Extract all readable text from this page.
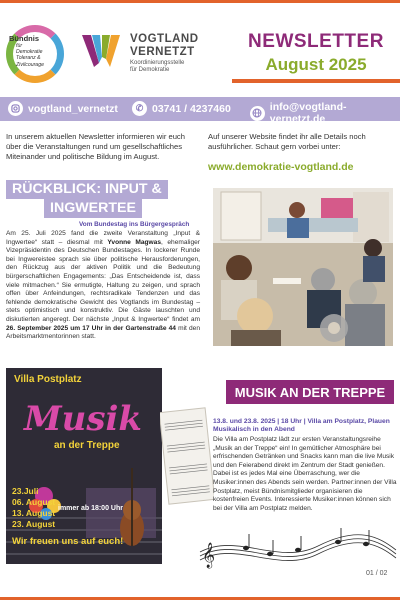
Bündnis
für
Demokratie
Toleranz &
Zivilcourage
VOGTLAND
VERNETZT
Koordinierungsstelle
für Demokratie
NEWSLETTER
August 2025
vogtland_vernetzt	✆ 03741 / 4237460	info@vogtland-vernetzt.de
In unserem aktuellen Newsletter informieren wir euch über die Veranstaltungen rund um gesellschaftliches Miteinander und politische Bildung im August.
Auf unserer Website findet ihr alle Details noch ausführlicher. Schaut gern vorbei unter:
www.demokratie-vogtland.de
RÜCKBLICK: INPUT &
INGWERTEE
Vom Bundestag ins Bürgergespräch
Am 25. Juli 2025 fand die zweite Veranstaltung „Input & Ingwertee“ statt – diesmal mit Yvonne Magwas, ehemaliger Vizepräsidentin des Deutschen Bundestages. In lockerer Runde bei Ingwereistee sprach sie über politische Herausforderungen, den Rückzug aus der aktiven Politik und die Bedeutung bürgerschaftlichen Engagements: „Das Entscheidende ist, dass viele mitmachen.“ Sie ermutigte, Haltung zu zeigen, und sprach offen über Anfeindungen, rechtsradikale Tendenzen und das fehlende demokratische Gewicht des Vogtlands im Bundestag – stets optimistisch und konstruktiv. Die Gäste lauschten und diskutierten angeregt. Der nächste „Input & Ingwertee“ findet am 26. September 2025 um 17 Uhr in der Gartenstraße 44 mit den Arbeitsmarktmentorinnen statt.
Villa Postplatz
Musik
an der Treppe
23.Juli
06. August
13. August
23. August
immer ab 18:00 Uhr
Wir freuen uns auf euch!
MUSIK AN DER TREPPE
13.8. und 23.8. 2025 | 18 Uhr | Villa am Postplatz, Plauen Musikalisch in den Abend
Die Villa am Postplatz lädt zur ersten Veranstaltungsreihe „Musik an der Treppe“ ein! In gemütlicher Atmosphäre bei erfrischenden Getränken und Snacks kann man die live Musik und den Feierabend direkt im Zentrum der Stadt genießen. Dabei ist es jedes Mal eine Überraschung, wer die Musiker:innen des Abends sein werden. Partner:innen der Villa Postplatz, meist Bündnismitglieder organisieren die kostenfreien Events. Interessierte Musiker:innen können sich bei der Villa am Postplatz melden.
𝄞
01 / 02
